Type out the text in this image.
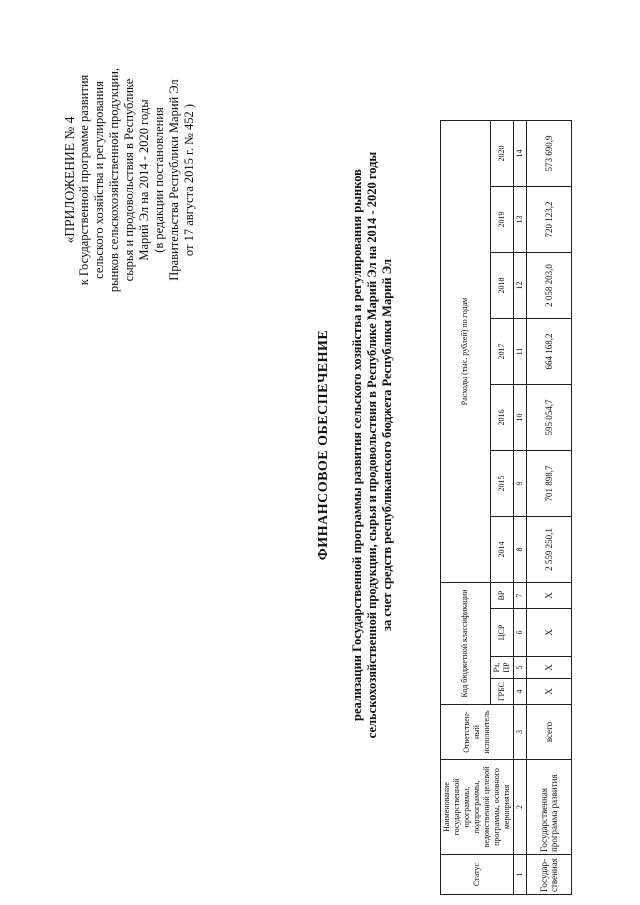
«ПРИЛОЖЕНИЕ № 4 к Государственной программе развития сельского хозяйства и регулирования рынков сельскохозяйственной продукции, сырья и продовольствия в Республике Марий Эл на 2014 - 2020 годы (в редакции постановления Правительства Республики Марий Эл от 17 августа 2015 г. № 452 )
ФИНАНСОВОЕ ОБЕСПЕЧЕНИЕ реализации Государственной программы развития сельского хозяйства и регулирования рынков сельскохозяйственной продукции, сырья и продовольствия в Республике Марий Эл на 2014 - 2020 годы за счет средств республиканского бюджета Республики Марий Эл
Статус	Наименование государственной программы, подпрограммы, ведомственной целевой программы, основного мероприятия	Ответствен-ный исполнитель	Код бюджетной классификации				Расходы (тыс. рублей) по годам						
			ГРБС	Рз, ПР	ЦСР	ВР	2014	2015	2016	2017	2018	2019	2020
1	2	3	4	5	6	7	8	9	10	11	12	13	14
Государ-ственная	Государственная программа развития	всего	X	X	X	X	2 559 250,1	701 898,7	595 054,7	664 168,2	2 058 203,0	720 123,2	573 690,9
